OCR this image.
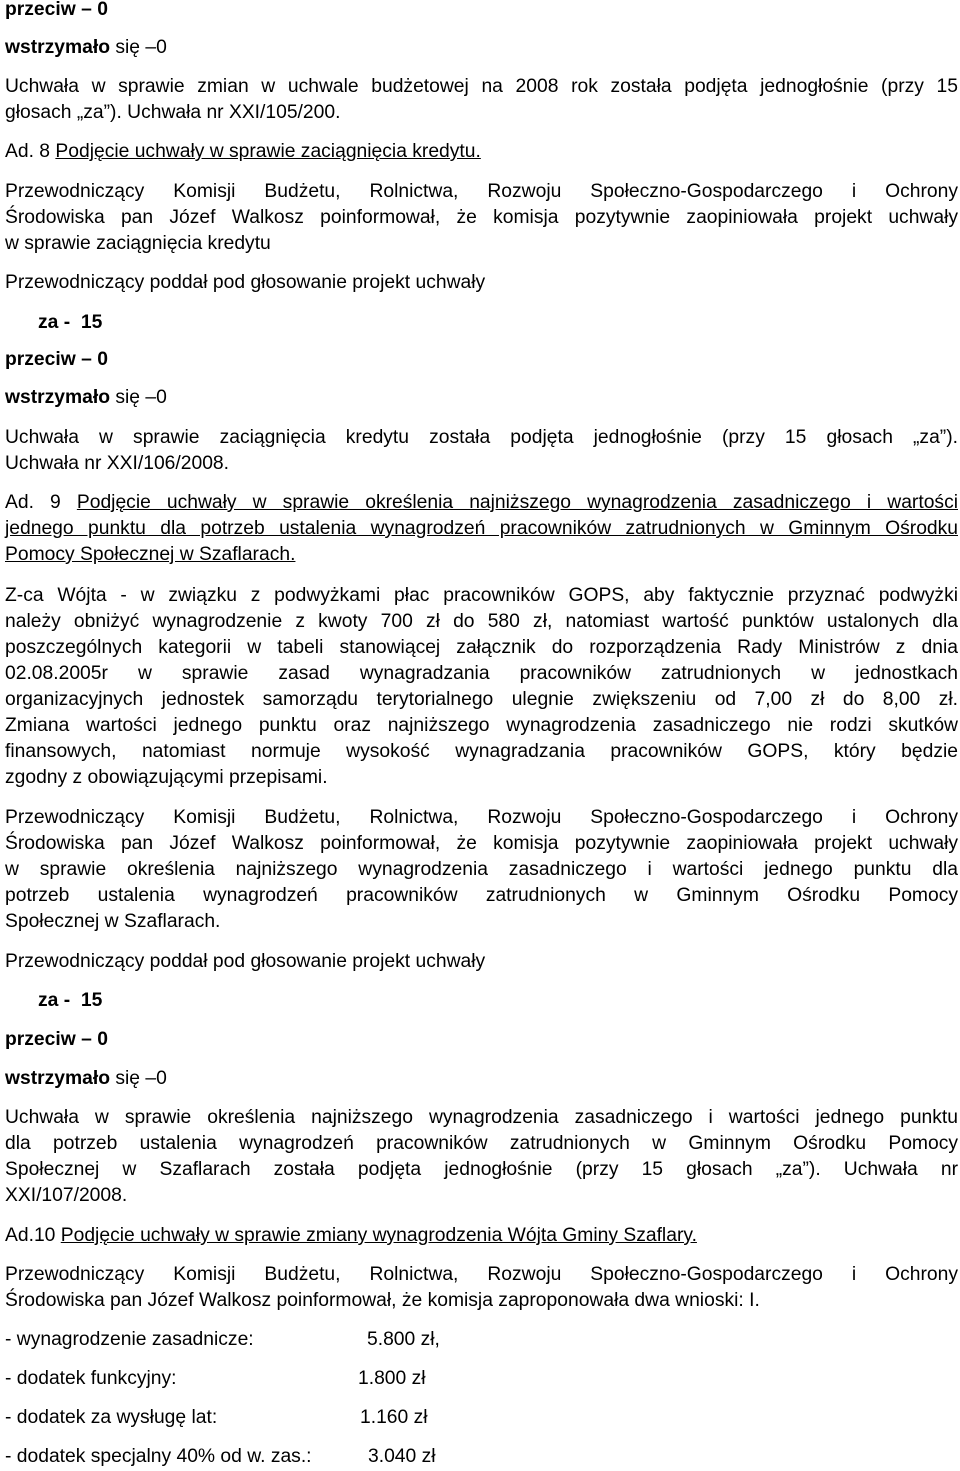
przeciw – 0
wstrzymało się –0
Uchwała w sprawie zmian w uchwale budżetowej na 2008 rok została podjęta jednogłośnie (przy 15
głosach „za”). Uchwała nr XXI/105/200.
Ad. 8 Podjęcie uchwały w sprawie zaciągnięcia kredytu.
Przewodniczący Komisji Budżetu, Rolnictwa, Rozwoju Społeczno-Gospodarczego i Ochrony
Środowiska pan Józef Walkosz poinformował, że komisja pozytywnie zaopiniowała projekt uchwały
w sprawie zaciągnięcia kredytu
Przewodniczący poddał pod głosowanie projekt uchwały
za - 15
przeciw – 0
wstrzymało się –0
Uchwała w sprawie zaciągnięcia kredytu została podjęta jednogłośnie (przy 15 głosach „za”).
Uchwała nr XXI/106/2008.
Ad. 9 Podjęcie uchwały w sprawie określenia najniższego wynagrodzenia zasadniczego i wartości
jednego punktu dla potrzeb ustalenia wynagrodzeń pracowników zatrudnionych w Gminnym Ośrodku
Pomocy Społecznej w Szaflarach.
Z-ca Wójta - w związku z podwyżkami płac pracowników GOPS, aby faktycznie przyznać podwyżki
należy obniżyć wynagrodzenie z kwoty 700 zł do 580 zł, natomiast wartość punktów ustalonych dla
poszczególnych kategorii w tabeli stanowiącej załącznik do rozporządzenia Rady Ministrów z dnia
02.08.2005r w sprawie zasad wynagradzania pracowników zatrudnionych w jednostkach
organizacyjnych jednostek samorządu terytorialnego ulegnie zwiększeniu od 7,00 zł do 8,00 zł.
Zmiana wartości jednego punktu oraz najniższego wynagrodzenia zasadniczego nie rodzi skutków
finansowych, natomiast normuje wysokość wynagradzania pracowników GOPS, który będzie
zgodny z obowiązującymi przepisami.
Przewodniczący Komisji Budżetu, Rolnictwa, Rozwoju Społeczno-Gospodarczego i Ochrony
Środowiska pan Józef Walkosz poinformował, że komisja pozytywnie zaopiniowała projekt uchwały
w sprawie określenia najniższego wynagrodzenia zasadniczego i wartości jednego punktu dla
potrzeb ustalenia wynagrodzeń pracowników zatrudnionych w Gminnym Ośrodku Pomocy
Społecznej w Szaflarach.
Przewodniczący poddał pod głosowanie projekt uchwały
za - 15
przeciw – 0
wstrzymało się –0
Uchwała w sprawie określenia najniższego wynagrodzenia zasadniczego i wartości jednego punktu
dla potrzeb ustalenia wynagrodzeń pracowników zatrudnionych w Gminnym Ośrodku Pomocy
Społecznej w Szaflarach została podjęta jednogłośnie (przy 15 głosach „za”). Uchwała nr
XXI/107/2008.
Ad.10 Podjęcie uchwały w sprawie zmiany wynagrodzenia Wójta Gminy Szaflary.
Przewodniczący Komisji Budżetu, Rolnictwa, Rozwoju Społeczno-Gospodarczego i Ochrony
Środowiska pan Józef Walkosz poinformował, że komisja zaproponowała dwa wnioski: I.
- wynagrodzenie zasadnicze:	5.800 zł,
- dodatek funkcyjny:	1.800 zł
- dodatek za wysługę lat:	1.160 zł
- dodatek specjalny 40% od w. zas.:	3.040 zł
